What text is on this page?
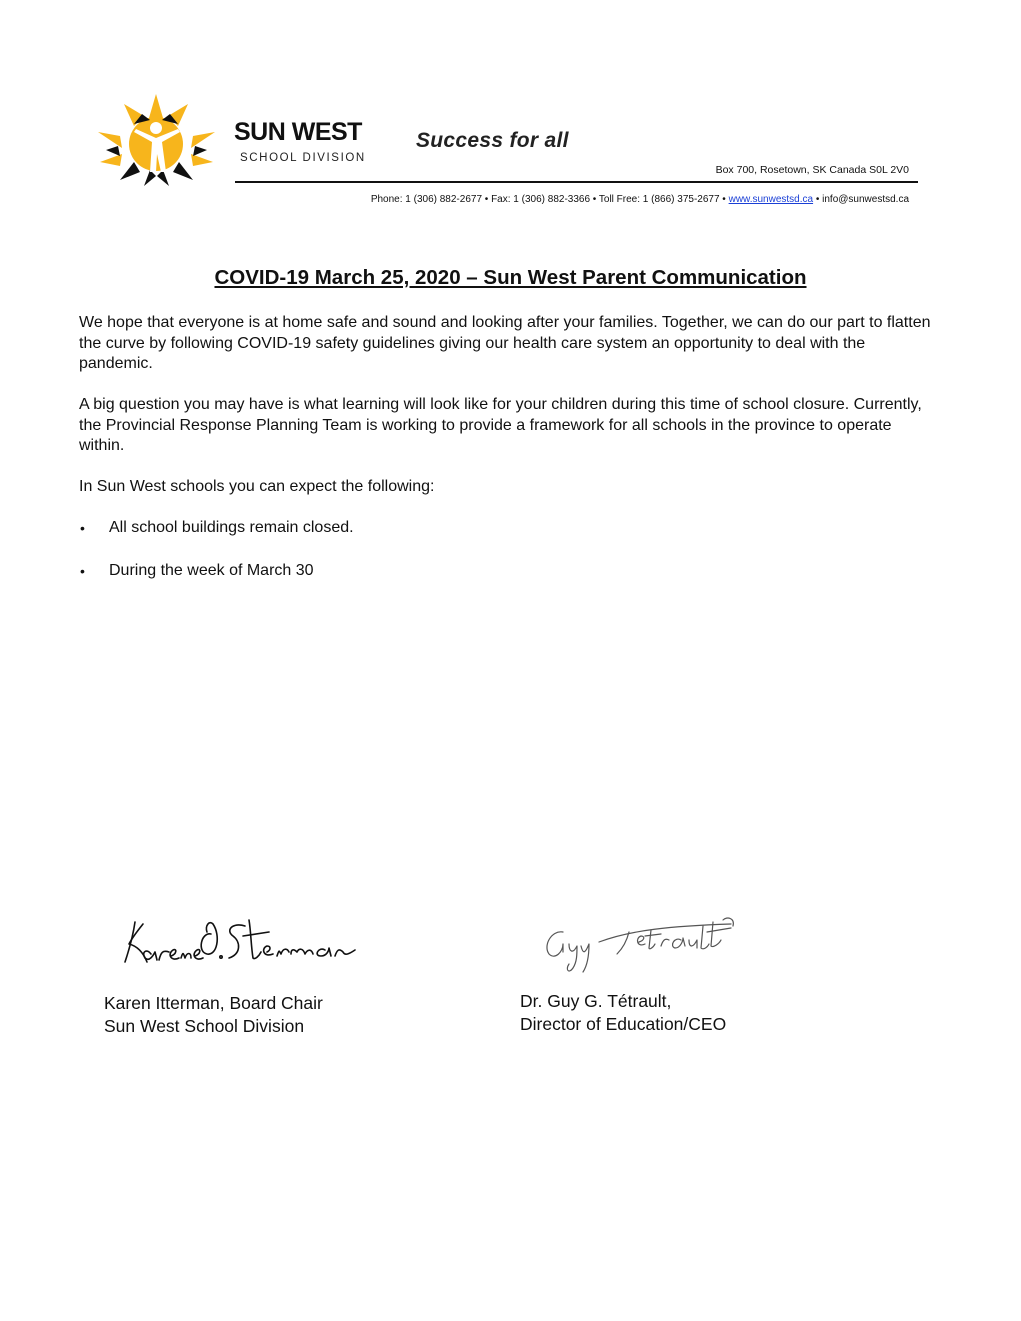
SUN WEST
SCHOOL DIVISION
Success for all
Box 700, Rosetown, SK Canada S0L 2V0
Phone: 1 (306) 882-2677 • Fax: 1 (306) 882-3366 • Toll Free: 1 (866) 375-2677 • www.sunwestsd.ca • info@sunwestsd.ca
COVID-19 March 25, 2020 – Sun West Parent Communication

We hope that everyone is at home safe and sound and looking after your families. Together, we can do our part to flatten the curve by following COVID-19 safety guidelines giving our health care system an opportunity to deal with the pandemic.

A big question you may have is what learning will look like for your children during this time of school closure. Currently, the Provincial Response Planning Team is working to provide a framework for all schools in the province to operate within.

In Sun West schools you can expect the following:

• All school buildings remain closed.
• During the week of March 30
Karen Itterman, Board Chair
Sun West School Division
Dr. Guy G. Tétrault,
Director of Education/CEO
